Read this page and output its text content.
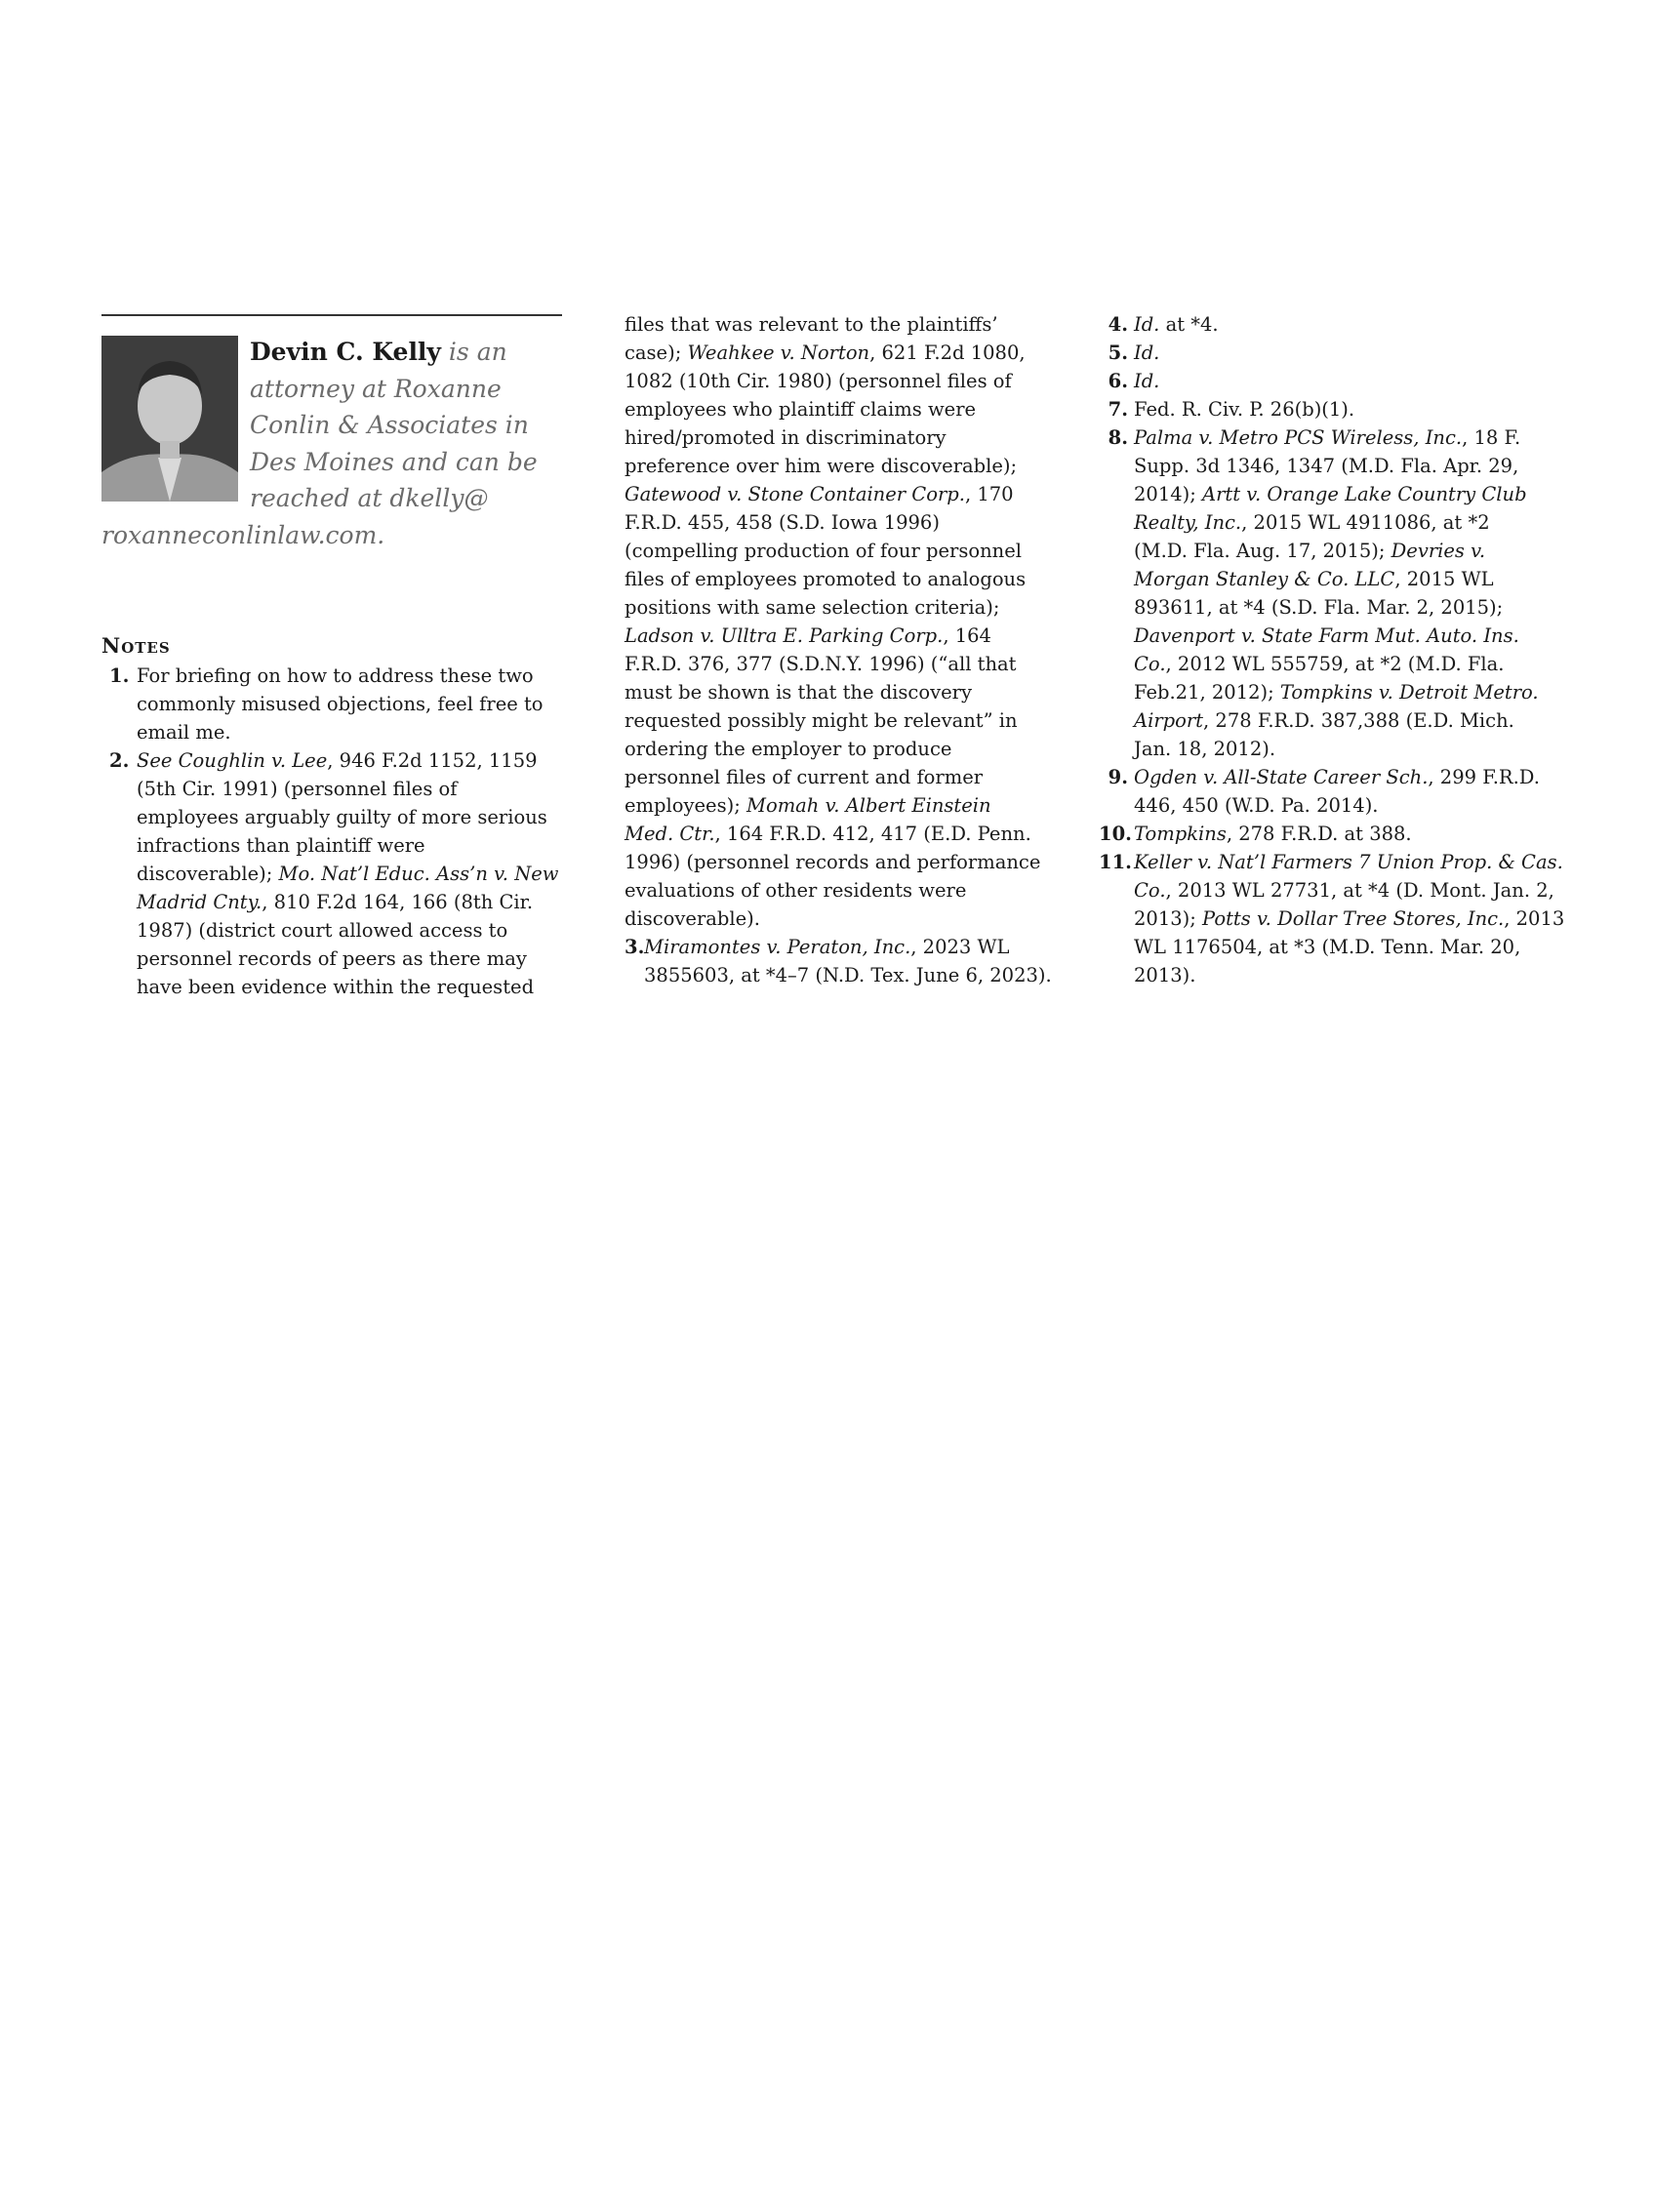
Devin C. Kelly is an
attorney at Roxanne
Conlin & Associates in
Des Moines and can be
reached at dkelly@
roxanneconlinlaw.com.
Notes
1. For briefing on how to address these two
commonly misused objections, feel free to
email me.
2. See Coughlin v. Lee, 946 F.2d 1152, 1159
(5th Cir. 1991) (personnel files of
employees arguably guilty of more serious
infractions than plaintiff were
discoverable); Mo. Nat’l Educ. Ass’n v. New
Madrid Cnty., 810 F.2d 164, 166 (8th Cir.
1987) (district court allowed access to
personnel records of peers as there may
have been evidence within the requested
files that was relevant to the plaintiffs’
case); Weahkee v. Norton, 621 F.2d 1080,
1082 (10th Cir. 1980) (personnel files of
employees who plaintiff claims were
hired/promoted in discriminatory
preference over him were discoverable);
Gatewood v. Stone Container Corp., 170
F.R.D. 455, 458 (S.D. Iowa 1996)
(compelling production of four personnel
files of employees promoted to analogous
positions with same selection criteria);
Ladson v. Ulltra E. Parking Corp., 164
F.R.D. 376, 377 (S.D.N.Y. 1996) (“all that
must be shown is that the discovery
requested possibly might be relevant” in
ordering the employer to produce
personnel files of current and former
employees); Momah v. Albert Einstein
Med. Ctr., 164 F.R.D. 412, 417 (E.D. Penn.
1996) (personnel records and performance
evaluations of other residents were
discoverable).
3. Miramontes v. Peraton, Inc., 2023 WL
3855603, at *4–7 (N.D. Tex. June 6, 2023).
4. Id. at *4.
5. Id.
6. Id.
7. Fed. R. Civ. P. 26(b)(1).
8. Palma v. Metro PCS Wireless, Inc., 18 F.
Supp. 3d 1346, 1347 (M.D. Fla. Apr. 29,
2014); Artt v. Orange Lake Country Club
Realty, Inc., 2015 WL 4911086, at *2
(M.D. Fla. Aug. 17, 2015); Devries v.
Morgan Stanley & Co. LLC, 2015 WL
893611, at *4 (S.D. Fla. Mar. 2, 2015);
Davenport v. State Farm Mut. Auto. Ins.
Co., 2012 WL 555759, at *2 (M.D. Fla.
Feb.21, 2012); Tompkins v. Detroit Metro.
Airport, 278 F.R.D. 387,388 (E.D. Mich.
Jan. 18, 2012).
9. Ogden v. All-State Career Sch., 299 F.R.D.
446, 450 (W.D. Pa. 2014).
10. Tompkins, 278 F.R.D. at 388.
11. Keller v. Nat’l Farmers 7 Union Prop. & Cas.
Co., 2013 WL 27731, at *4 (D. Mont. Jan. 2,
2013); Potts v. Dollar Tree Stores, Inc., 2013
WL 1176504, at *3 (M.D. Tenn. Mar. 20,
2013).
